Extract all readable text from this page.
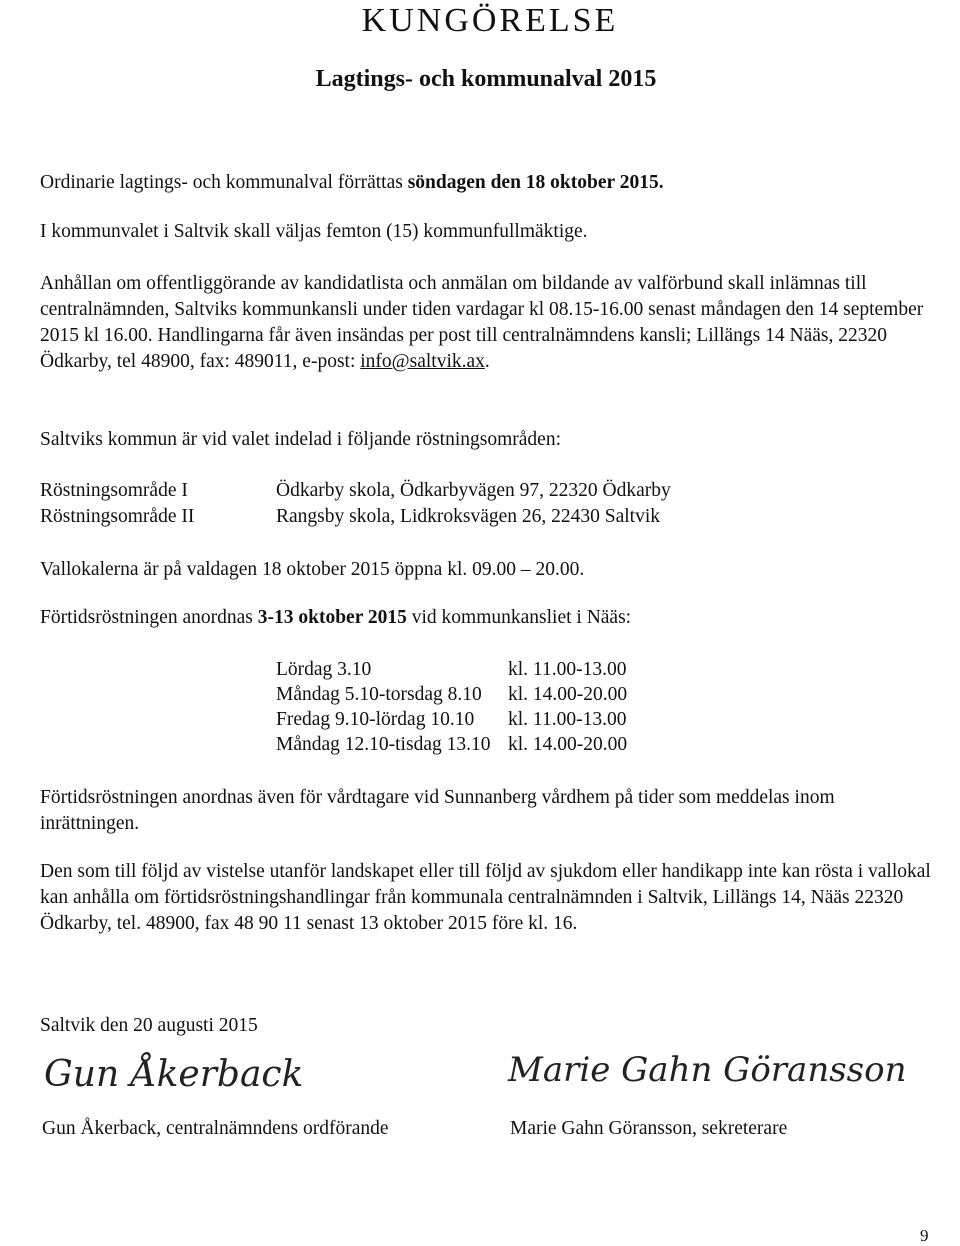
KUNGÖRELSE
Lagtings- och kommunalval 2015

Ordinarie lagtings- och kommunalval förrättas söndagen den 18 oktober 2015.

I kommunvalet i Saltvik skall väljas femton (15) kommunfullmäktige.

Anhållan om offentliggörande av kandidatlista och anmälan om bildande av valförbund skall inlämnas till centralnämnden, Saltviks kommunkansli under tiden vardagar kl 08.15-16.00 senast måndagen den 14 september 2015 kl 16.00. Handlingarna får även insändas per post till centralnämndens kansli; Lillängs 14 Nääs, 22320 Ödkarby, tel 48900, fax: 489011, e-post: info@saltvik.ax.

Saltviks kommun är vid valet indelad i följande röstningsområden:

Röstningsområde I	Ödkarby skola, Ödkarbyvägen 97, 22320 Ödkarby
Röstningsområde II	Rangsby skola, Lidkroksvägen 26, 22430 Saltvik

Vallokalerna är på valdagen 18 oktober 2015 öppna kl. 09.00 – 20.00.

Förtidsröstningen anordnas 3-13 oktober 2015 vid kommunkansliet i Nääs:

Lördag 3.10	kl. 11.00-13.00
Måndag 5.10-torsdag 8.10 kl. 14.00-20.00
Fredag 9.10-lördag 10.10 kl. 11.00-13.00
Måndag 12.10-tisdag 13.10 kl. 14.00-20.00

Förtidsröstningen anordnas även för vårdtagare vid Sunnanberg vårdhem på tider som meddelas inom inrättningen.

Den som till följd av vistelse utanför landskapet eller till följd av sjukdom eller handikapp inte kan rösta i vallokal kan anhålla om förtidsröstningshandlingar från kommunala centralnämnden i Saltvik, Lillängs 14, Nääs 22320 Ödkarby, tel. 48900, fax 48 90 11 senast 13 oktober 2015 före kl. 16.

Saltvik den 20 augusti 2015

Gun Åkerback
Gun Åkerback, centralnämndens ordförande
Marie Gahn Göransson
Marie Gahn Göransson, sekreterare
9
